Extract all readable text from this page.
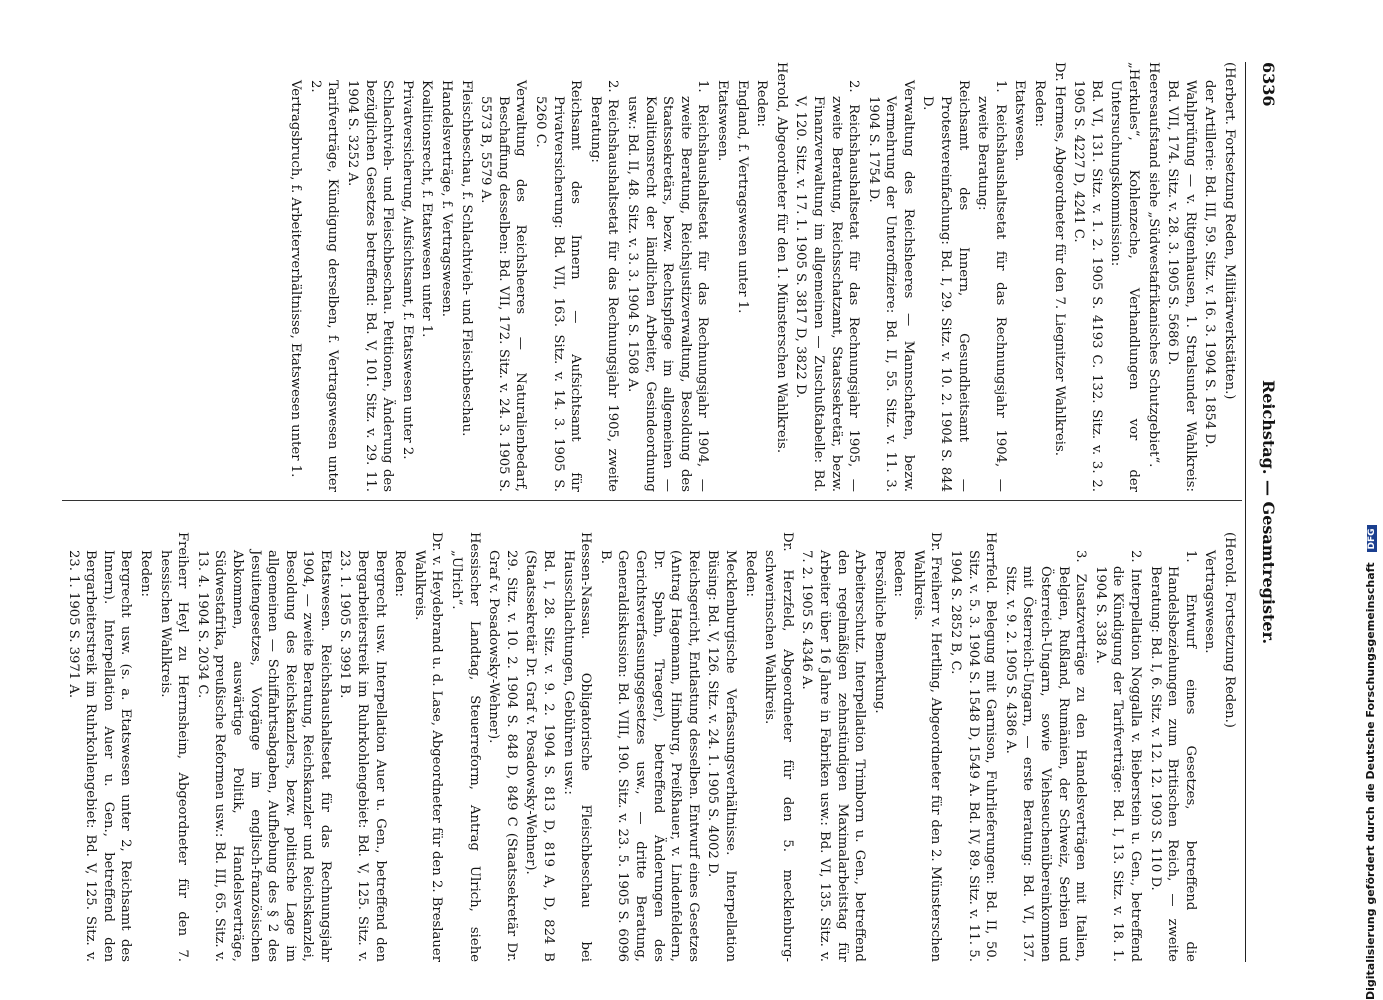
6336
Reichstag. — Gesamtregister.
(Herbert. Fortsetzung Reden, Militärwerkstätten.)
der Artillerie: Bd. III, 59. Sitz. v. 16. 3. 1904 S. 1854 D.
Wahlprüfung — v. Ritgenhausen, 1. Stralsunder Wahlkreis: Bd. VII, 174. Sitz. v. 28. 3. 1905 S. 5686 D.
Heeresaufstand siehe „Südwestafrikanisches Schutzgebiet“.
„Herkules“, Kohlenzeche, Verhandlungen vor der Untersuchungskommission:
Bd. VI, 131. Sitz. v. 1. 2. 1905 S. 4193 C. 132. Sitz. v. 3. 2. 1905 S. 4227 D, 4241 C.
Dr. Hermes, Abgeordneter für den 7. Liegnitzer Wahlkreis.
Reden:
Etatswesen.
1. Reichshaushaltsetat für das Rechnungsjahr 1904, — zweite Beratung:
Reichsamt des Innern, Gesundheitsamt — Protestvereinfachung: Bd. I, 29. Sitz. v. 10. 2. 1904 S. 844 D.
Verwaltung des Reichsheeres — Mannschaften, bezw. Vermehrung der Unteroffiziere: Bd. II, 55. Sitz. v. 11. 3. 1904 S. 1754 D.
2. Reichshaushaltsetat für das Rechnungsjahr 1905, — zweite Beratung, Reichsschatzamt, Staatssekretär, bezw. Finanzverwaltung im allgemeinen — Zuschußtabelle: Bd. V, 120. Sitz. v. 17. 1. 1905 S. 3817 D, 3822 D.
Herold, Abgeordneter für den 1. Münsterschen Wahlkreis.
Reden:
England, f. Vertragswesen unter 1.
Etatswesen.
1. Reichshaushaltsetat für das Rechnungsjahr 1904, — zweite Beratung, Reichsjustizverwaltung, Besoldung des Staatssekretärs, bezw. Rechtspflege im allgemeinen — Koalitionsrecht der ländlichen Arbeiter, Gesindeordnung usw.: Bd. II, 48. Sitz. v. 3. 3. 1904 S. 1508 A.
2. Reichshaushaltsetat für das Rechnungsjahr 1905, zweite Beratung:
Reichsamt des Innern — Aufsichtsamt für Privatversicherung: Bd. VII, 163. Sitz. v. 14. 3. 1905 S. 5260 C.
Verwaltung des Reichsheeres — Naturalienbedarf, Beschaffung desselben: Bd. VII, 172. Sitz. v. 24. 3. 1905 S. 5573 B, 5579 A.
Fleischbeschau, f. Schlachtvieh- und Fleischbeschau.
Handelsverträge, f. Vertragswesen.
Koalitionsrecht, f. Etatswesen unter 1.
Privatversicherung, Aufsichtsamt, f. Etatswesen unter 2.
Schlachtvieh- und Fleischbeschau. Petitionen, Änderung des bezüglichen Gesetzes betreffend: Bd. V, 101. Sitz. v. 29. 11. 1904 S. 3252 A.
Tarifverträge, Kündigung derselben, f. Vertragswesen unter 2.
Vertragsbruch, f. Arbeiterverhältnisse, Etatswesen unter 1.
(Herold. Fortsetzung Reden.)
Vertragswesen.
1. Entwurf eines Gesetzes, betreffend die Handelsbeziehungen zum Britischen Reich, — zweite Beratung: Bd. I, 6. Sitz. v. 12. 12. 1903 S. 110 D.
2. Interpellation Noggalla v. Bieberstein u. Gen., betreffend die Kündigung der Tarifverträge: Bd. I, 13. Sitz. v. 18. 1. 1904 S. 338 A.
3. Zusatzverträge zu den Handelsverträgen mit Italien, Belgien, Rußland, Rumänien, der Schweiz, Serbien und Österreich-Ungarn, sowie Viehseuchenübereinkommen mit Österreich-Ungarn, — erste Beratung: Bd. VI, 137. Sitz. v. 9. 2. 1905 S. 4386 A.
Herrfeld. Belegung mit Garnison, Fuhrlieferungen: Bd. II, 50. Sitz. v. 5. 3. 1904 S. 1548 D, 1549 A. Bd. IV, 89. Sitz. v. 11. 5. 1904 S. 2852 B, C.
Dr. Freiherr v. Hertling, Abgeordneter für den 2. Münsterschen Wahlkreis.
Reden:
Persönliche Bemerkung.
Arbeiterschutz. Interpellation Trimborn u. Gen., betreffend den regelmäßigen zehnstündigen Maximalarbeitstag für Arbeiter über 16 Jahre in Fabriken usw.: Bd. VI, 135. Sitz. v. 7. 2. 1905 S. 4346 A.
Dr. Herzfeld, Abgeordneter für den 5. mecklenburg-schwerinschen Wahlkreis.
Reden:
Mecklenburgische Verfassungsverhältnisse. Interpellation Büsing: Bd. V, 126. Sitz. v. 24. 1. 1905 S. 4002 D.
Reichsgericht, Entlastung desselben. Entwurf eines Gesetzes (Antrag Hagemann, Himburg, Preißhauer, v. Lindenfeldern, Dr. Spahn, Traeger), betreffend Änderungen des Gerichtsverfassungsgesetzes usw., — dritte Beratung, Generaldiskussion: Bd. VIII, 190. Sitz. v. 23. 5. 1905 S. 6096 B.
Hessen-Nassau. Obligatorische Fleischbeschau bei Hausschlachtungen, Gebühren usw.:
Bd. I, 28. Sitz. v. 9. 2. 1904 S. 813 D, 819 A, D, 824 B (Staatssekretär Dr. Graf v. Posadowsky-Wehner).
29. Sitz. v. 10. 2. 1904 S. 848 D, 849 C (Staatssekretär Dr. Graf v. Posadowsky-Wehner).
Hessischer Landtag, Steuerreform, Antrag Ulrich, siehe „Ulrich“.
Dr. v. Heydebrand u. d. Lase, Abgeordneter für den 2. Breslauer Wahlkreis.
Reden:
Bergrecht usw. Interpellation Auer u. Gen., betreffend den Bergarbeiterstreik im Ruhrkohlengebiet: Bd. V, 125. Sitz. v. 23. 1. 1905 S. 3991 B.
Etatswesen. Reichshaushaltsetat für das Rechnungsjahr 1904, — zweite Beratung, Reichskanzler und Reichskanzlei, Besoldung des Reichskanzlers, bezw. politische Lage im allgemeinen — Schiffahrtsabgaben, Aufhebung des § 2 des Jesuitengesetzes, Vorgänge im englisch-französischen Abkommen, auswärtige Politik, Handelsverträge, Südwestafrika, preußische Reformen usw.: Bd. III, 65. Sitz. v. 13. 4. 1904 S. 2034 C.
Freiherr Heyl zu Herrnsheim, Abgeordneter für den 7. hessischen Wahlkreis.
Reden:
Bergrecht usw. (s. a. Etatswesen unter 2, Reichsamt des Innern). Interpellation Auer u. Gen., betreffend den Bergarbeiterstreik im Ruhrkohlengebiet: Bd. V, 125. Sitz. v. 23. 1. 1905 S. 3971 A.	Digitalisierung gefördert durch die Deutsche Forschungsgemeinschaft DFG
